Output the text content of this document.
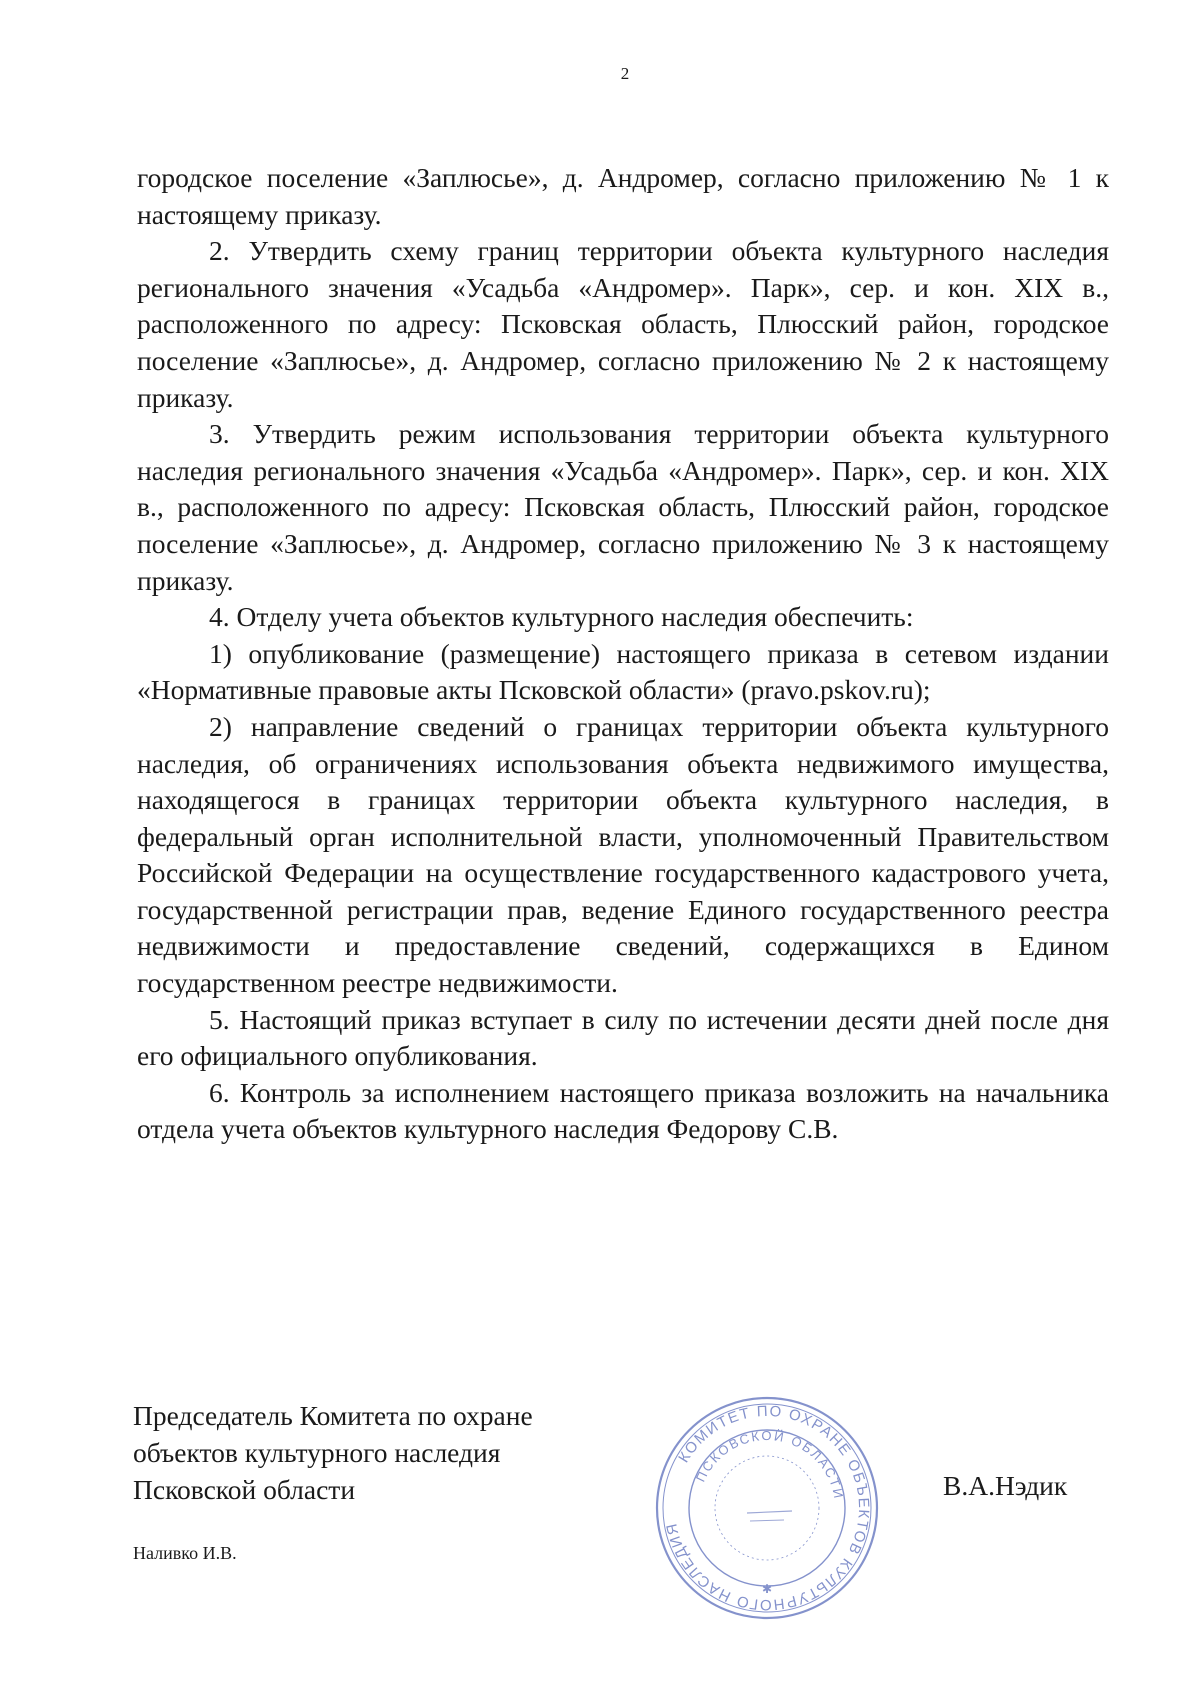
2

городское поселение «Заплюсье», д. Андромер, согласно приложению № 1 к настоящему приказу.

2. Утвердить схему границ территории объекта культурного наследия регионального значения «Усадьба «Андромер». Парк», сер. и кон. XIX в., расположенного по адресу: Псковская область, Плюсский район, городское поселение «Заплюсье», д. Андромер, согласно приложению № 2 к настоящему приказу.

3. Утвердить режим использования территории объекта культурного наследия регионального значения «Усадьба «Андромер». Парк», сер. и кон. XIX в., расположенного по адресу: Псковская область, Плюсский район, городское поселение «Заплюсье», д. Андромер, согласно приложению № 3 к настоящему приказу.

4. Отделу учета объектов культурного наследия обеспечить:

1) опубликование (размещение) настоящего приказа в сетевом издании «Нормативные правовые акты Псковской области» (pravo.pskov.ru);

2) направление сведений о границах территории объекта культурного наследия, об ограничениях использования объекта недвижимого имущества, находящегося в границах территории объекта культурного наследия, в федеральный орган исполнительной власти, уполномоченный Правительством Российской Федерации на осуществление государственного кадастрового учета, государственной регистрации прав, ведение Единого государственного реестра недвижимости и предоставление сведений, содержащихся в Едином государственном реестре недвижимости.

5. Настоящий приказ вступает в силу по истечении десяти дней после дня его официального опубликования.

6. Контроль за исполнением настоящего приказа возложить на начальника отдела учета объектов культурного наследия Федорову С.В.

Председатель Комитета по охране
объектов культурного наследия
Псковской области
КОМИТЕТ ПО ОХРАНЕ ОБЪЕКТОВ КУЛЬТУРНОГО НАСЛЕДИЯ
ПСКОВСКОЙ ОБЛАСТИ
✱
В.А.Нэдик
Наливко И.В.
